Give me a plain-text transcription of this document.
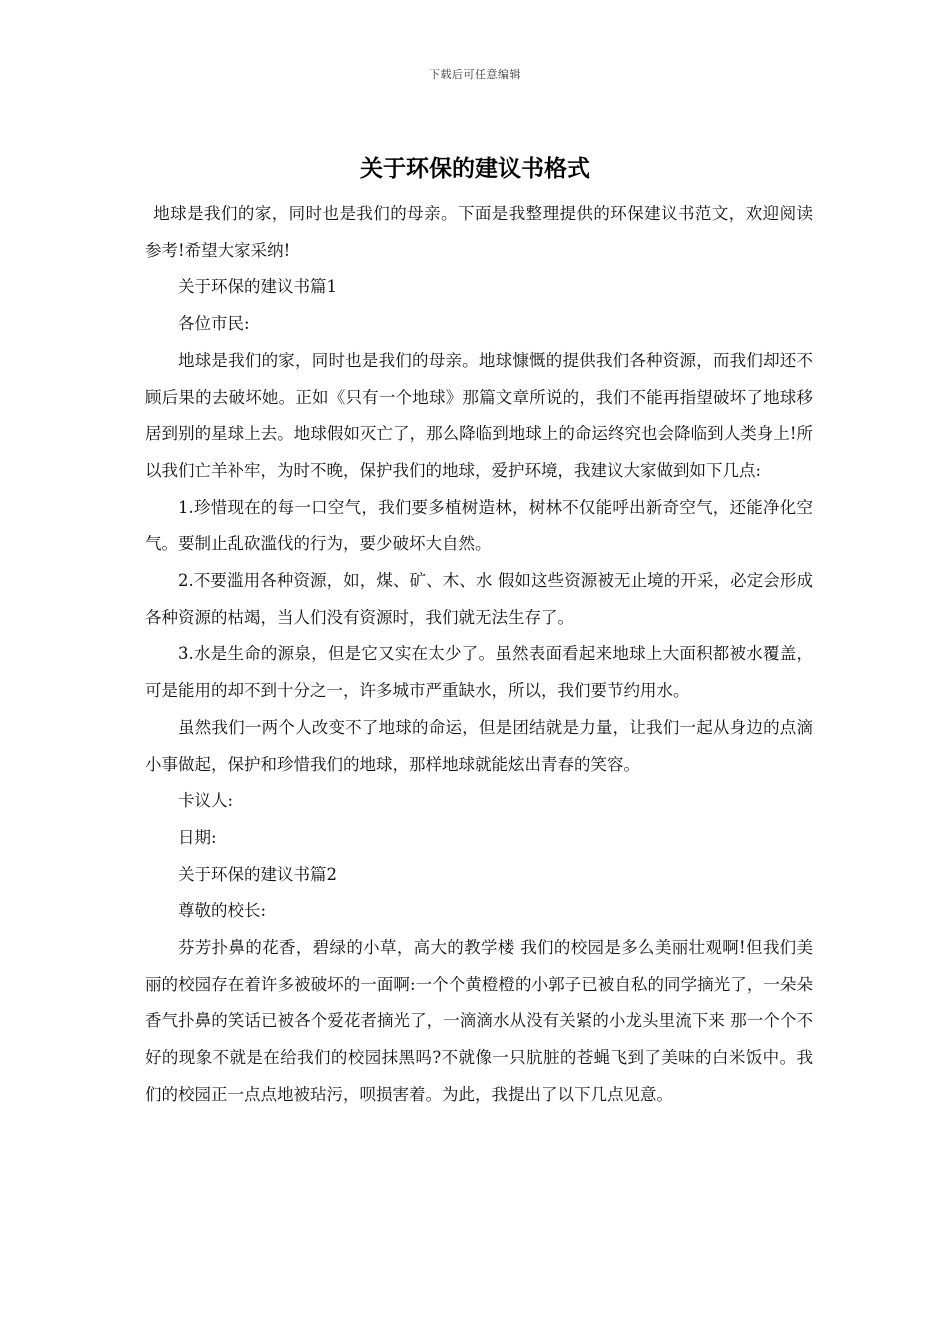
下载后可任意编辑
关于环保的建议书格式

地球是我们的家，同时也是我们的母亲。下面是我整理提供的环保建议书范文，欢迎阅读参考!希望大家采纳!

关于环保的建议书篇1

各位市民:

地球是我们的家，同时也是我们的母亲。地球慷慨的提供我们各种资源，而我们却还不顾后果的去破坏她。正如《只有一个地球》那篇文章所说的，我们不能再指望破坏了地球移居到别的星球上去。地球假如灭亡了，那么降临到地球上的命运终究也会降临到人类身上!所以我们亡羊补牢，为时不晚，保护我们的地球，爱护环境，我建议大家做到如下几点:

1.珍惜现在的每一口空气，我们要多植树造林，树林不仅能呼出新奇空气，还能净化空气。要制止乱砍滥伐的行为，要少破坏大自然。

2.不要滥用各种资源，如，煤、矿、木、水 假如这些资源被无止境的开采，必定会形成各种资源的枯竭，当人们没有资源时，我们就无法生存了。

3.水是生命的源泉，但是它又实在太少了。虽然表面看起来地球上大面积都被水覆盖，可是能用的却不到十分之一，许多城市严重缺水，所以，我们要节约用水。

虽然我们一两个人改变不了地球的命运，但是团结就是力量，让我们一起从身边的点滴小事做起，保护和珍惜我们的地球，那样地球就能炫出青春的笑容。

卡议人:

日期:

关于环保的建议书篇2

尊敬的校长:

芬芳扑鼻的花香，碧绿的小草，高大的教学楼 我们的校园是多么美丽壮观啊!但我们美丽的校园存在着许多被破坏的一面啊:一个个黄橙橙的小郭子已被自私的同学摘光了，一朵朵香气扑鼻的笑话已被各个爱花者摘光了，一滴滴水从没有关紧的小龙头里流下来 那一个个不好的现象不就是在给我们的校园抹黑吗?不就像一只肮脏的苍蝇飞到了美味的白米饭中。我们的校园正一点点地被玷污，呗损害着。为此，我提出了以下几点见意。
